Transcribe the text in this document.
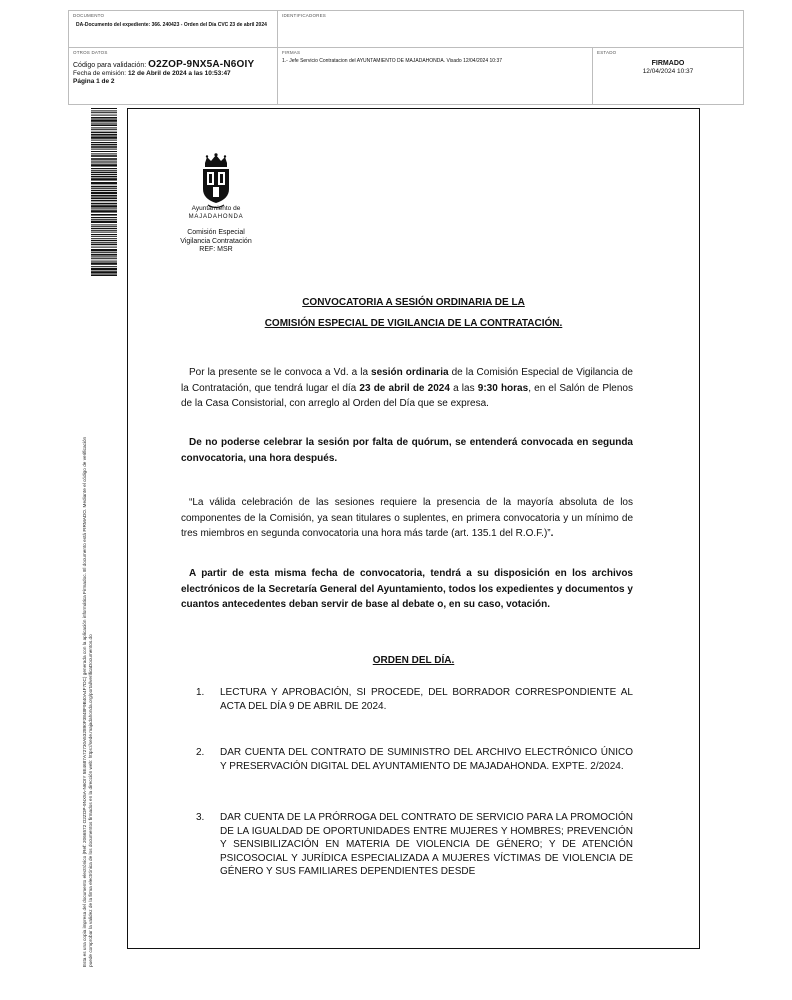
DOCUMENTO
DA-Documento del expediente: 366. 240423 - Orden del Día CVC 23 de abril 2024
IDENTIFICADORES
OTROS DATOS
Código para validación: O2ZOP-9NX5A-N6OIY
Fecha de emisión: 12 de Abril de 2024 a las 10:53:47
Página 1 de 2
FIRMAS
1.- Jefe Servicio Contratacion del AYUNTAMIENTO DE MAJADAHONDA. Visado 12/04/2024 10:37
ESTADO
FIRMADO
12/04/2024 10:37
Esta es una copia impresa del documento electrónico (Ref: 2066572 O2ZOP-9NX5A-N6OIY 5E4687A72730A532890F3848F9B40A4F7DC) generada con la aplicación informática Firmadoc. El documento está FIRMADO. Mediante el código de verificación puede comprobar la validez de la firma electrónica de los documentos firmados en la dirección web: https://sede.majadahonda.org/portal/verificaDocumentos.do
Ayuntamiento de
MAJADAHONDA
Comisión Especial
Vigilancia Contratación
REF: MSR
CONVOCATORIA A SESIÓN ORDINARIA DE LA
COMISIÓN ESPECIAL DE VIGILANCIA DE LA CONTRATACIÓN.
Por la presente se le convoca a Vd. a la sesión ordinaria de la Comisión Especial de Vigilancia de la Contratación, que tendrá lugar el día 23 de abril de 2024 a las 9:30 horas, en el Salón de Plenos de la Casa Consistorial, con arreglo al Orden del Día que se expresa.
De no poderse celebrar la sesión por falta de quórum, se entenderá convocada en segunda convocatoria, una hora después.
“La válida celebración de las sesiones requiere la presencia de la mayoría absoluta de los componentes de la Comisión, ya sean titulares o suplentes, en primera convocatoria y un mínimo de tres miembros en segunda convocatoria una hora más tarde (art. 135.1 del R.O.F.)”.
A partir de esta misma fecha de convocatoria, tendrá a su disposición en los archivos electrónicos de la Secretaría General del Ayuntamiento, todos los expedientes y documentos y cuantos antecedentes deban servir de base al debate o, en su caso, votación.
ORDEN DEL DÍA.
1. LECTURA Y APROBACIÓN, SI PROCEDE, DEL BORRADOR CORRESPONDIENTE AL ACTA DEL DÍA 9 DE ABRIL DE 2024.
2. DAR CUENTA DEL CONTRATO DE SUMINISTRO DEL ARCHIVO ELECTRÓNICO ÚNICO Y PRESERVACIÓN DIGITAL DEL AYUNTAMIENTO DE MAJADAHONDA. EXPTE. 2/2024.
3. DAR CUENTA DE LA PRÓRROGA DEL CONTRATO DE SERVICIO PARA LA PROMOCIÓN DE LA IGUALDAD DE OPORTUNIDADES ENTRE MUJERES Y HOMBRES; PREVENCIÓN Y SENSIBILIZACIÓN EN MATERIA DE VIOLENCIA DE GÉNERO; Y DE ATENCIÓN PSICOSOCIAL Y JURÍDICA ESPECIALIZADA A MUJERES VÍCTIMAS DE VIOLENCIA DE GÉNERO Y SUS FAMILIARES DEPENDIENTES DESDE
